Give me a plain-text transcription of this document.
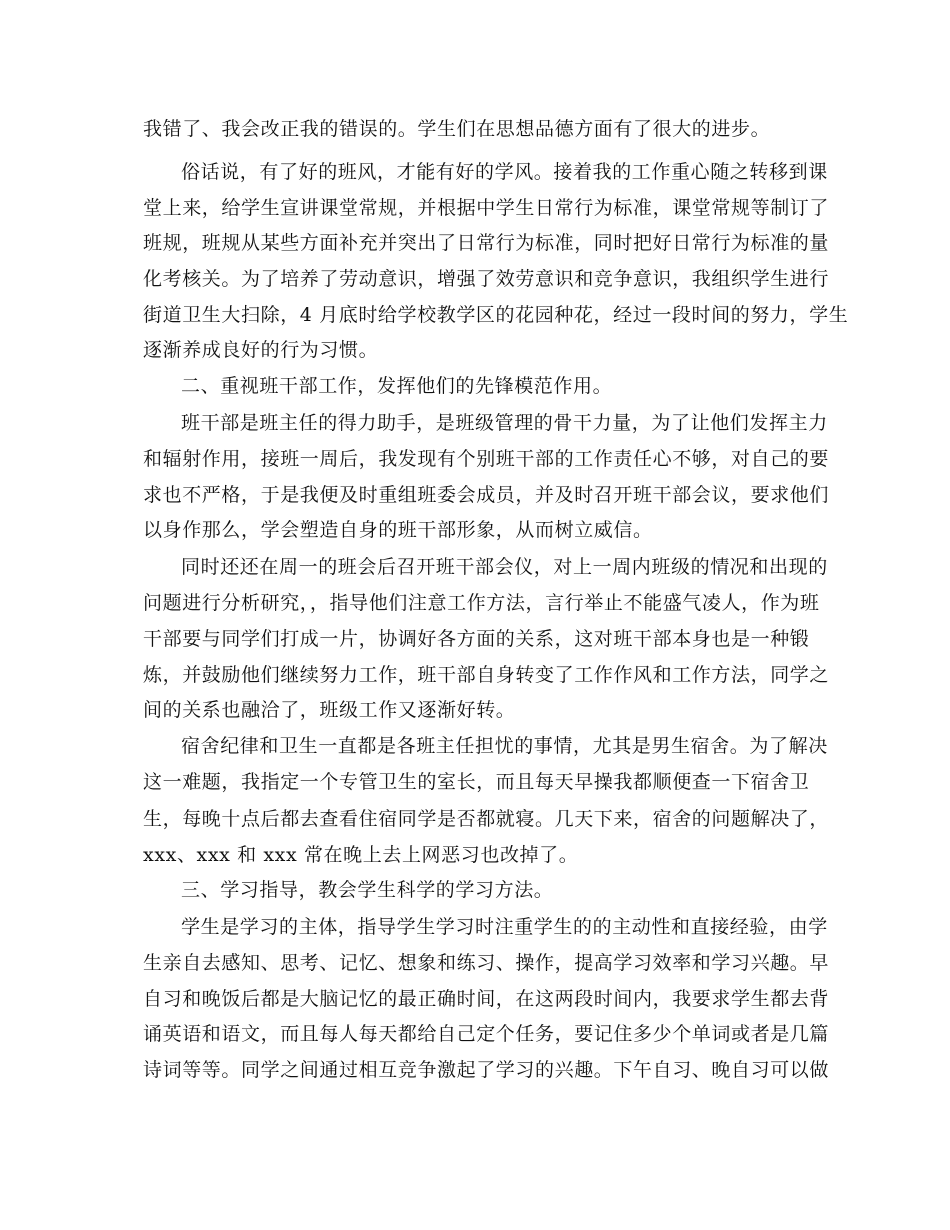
我错了、我会改正我的错误的。学生们在思想品德方面有了很大的进步。
俗话说，有了好的班风，才能有好的学风。接着我的工作重心随之转移到课
堂上来，给学生宣讲课堂常规，并根据中学生日常行为标准，课堂常规等制订了
班规，班规从某些方面补充并突出了日常行为标准，同时把好日常行为标准的量
化考核关。为了培养了劳动意识，增强了效劳意识和竞争意识，我组织学生进行
街道卫生大扫除，4 月底时给学校教学区的花园种花，经过一段时间的努力，学生
逐渐养成良好的行为习惯。
二、重视班干部工作，发挥他们的先锋模范作用。
班干部是班主任的得力助手，是班级管理的骨干力量，为了让他们发挥主力
和辐射作用，接班一周后，我发现有个别班干部的工作责任心不够，对自己的要
求也不严格，于是我便及时重组班委会成员，并及时召开班干部会议，要求他们
以身作那么，学会塑造自身的班干部形象，从而树立威信。
同时还还在周一的班会后召开班干部会仪，对上一周内班级的情况和出现的
问题进行分析研究，，指导他们注意工作方法，言行举止不能盛气凌人，作为班
干部要与同学们打成一片，协调好各方面的关系，这对班干部本身也是一种锻
炼，并鼓励他们继续努力工作，班干部自身转变了工作作风和工作方法，同学之
间的关系也融洽了，班级工作又逐渐好转。
宿舍纪律和卫生一直都是各班主任担忧的事情，尤其是男生宿舍。为了解决
这一难题，我指定一个专管卫生的室长，而且每天早操我都顺便查一下宿舍卫
生，每晚十点后都去查看住宿同学是否都就寝。几天下来，宿舍的问题解决了，
xxx、xxx 和 xxx 常在晚上去上网恶习也改掉了。
三、学习指导，教会学生科学的学习方法。
学生是学习的主体，指导学生学习时注重学生的的主动性和直接经验，由学
生亲自去感知、思考、记忆、想象和练习、操作，提高学习效率和学习兴趣。早
自习和晚饭后都是大脑记忆的最正确时间，在这两段时间内，我要求学生都去背
诵英语和语文，而且每人每天都给自己定个任务，要记住多少个单词或者是几篇
诗词等等。同学之间通过相互竞争激起了学习的兴趣。下午自习、晚自习可以做
